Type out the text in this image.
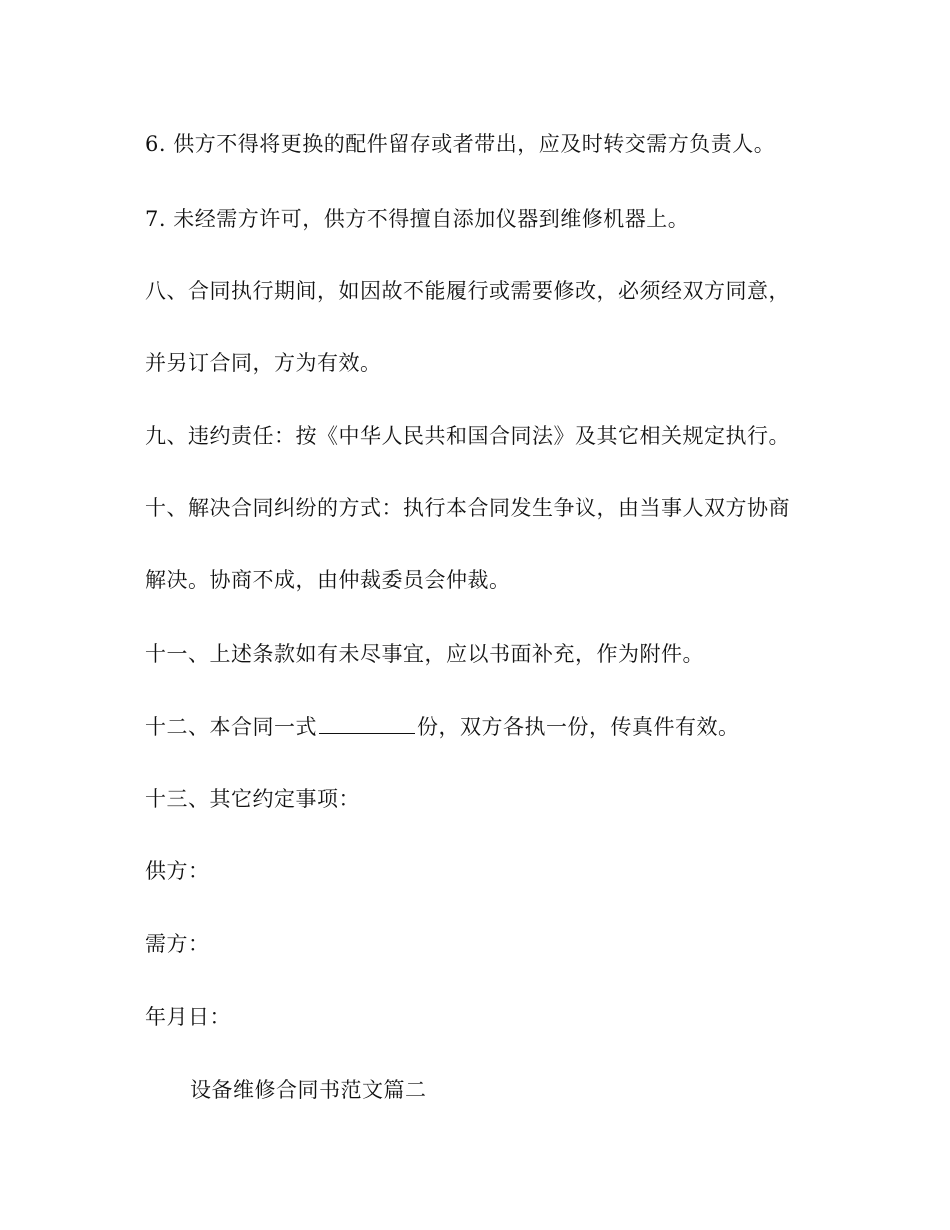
6. 供方不得将更换的配件留存或者带出，应及时转交需方负责人。
7. 未经需方许可，供方不得擅自添加仪器到维修机器上。
八、合同执行期间，如因故不能履行或需要修改，必须经双方同意，
并另订合同，方为有效。
九、违约责任：按《中华人民共和国合同法》及其它相关规定执行。
十、解决合同纠纷的方式：执行本合同发生争议，由当事人双方协商
解决。协商不成，由仲裁委员会仲裁。
十一、上述条款如有未尽事宜，应以书面补充，作为附件。
十二、本合同一式	份，双方各执一份，传真件有效。
十三、其它约定事项：
供方：
需方：
年月日：
设备维修合同书范文篇二
